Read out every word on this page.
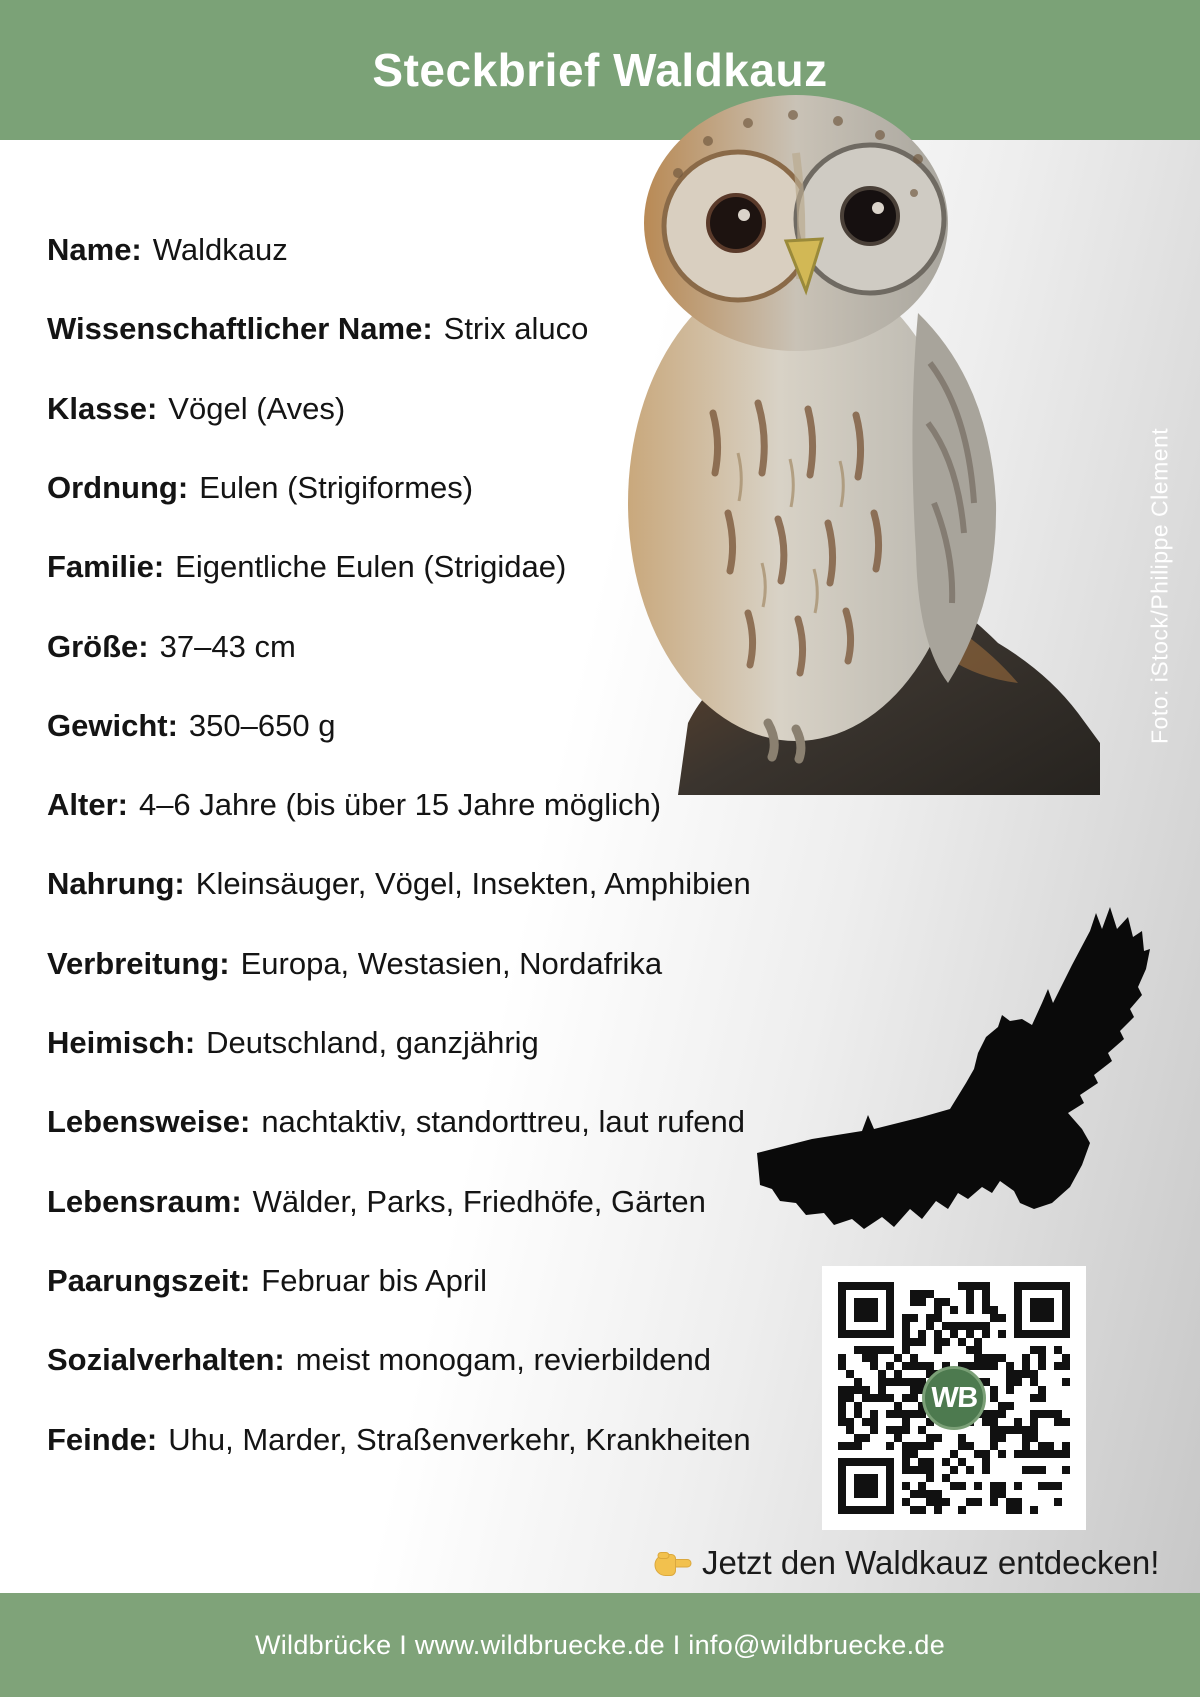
Steckbrief Waldkauz
Foto: iStock/Philippe Clement
Name: Waldkauz
Wissenschaftlicher Name: Strix aluco
Klasse: Vögel (Aves)
Ordnung: Eulen (Strigiformes)
Familie: Eigentliche Eulen (Strigidae)
Größe: 37–43 cm
Gewicht: 350–650 g
Alter: 4–6 Jahre (bis über 15 Jahre möglich)
Nahrung: Kleinsäuger, Vögel, Insekten, Amphibien
Verbreitung: Europa, Westasien, Nordafrika
Heimisch: Deutschland, ganzjährig
Lebensweise: nachtaktiv, standorttreu, laut rufend
Lebensraum: Wälder, Parks, Friedhöfe, Gärten
Paarungszeit: Februar bis April
Sozialverhalten: meist monogam, revierbildend
Feinde: Uhu, Marder, Straßenverkehr, Krankheiten
WB
Jetzt den Waldkauz entdecken!
Wildbrücke I www.wildbruecke.de I info@wildbruecke.de
